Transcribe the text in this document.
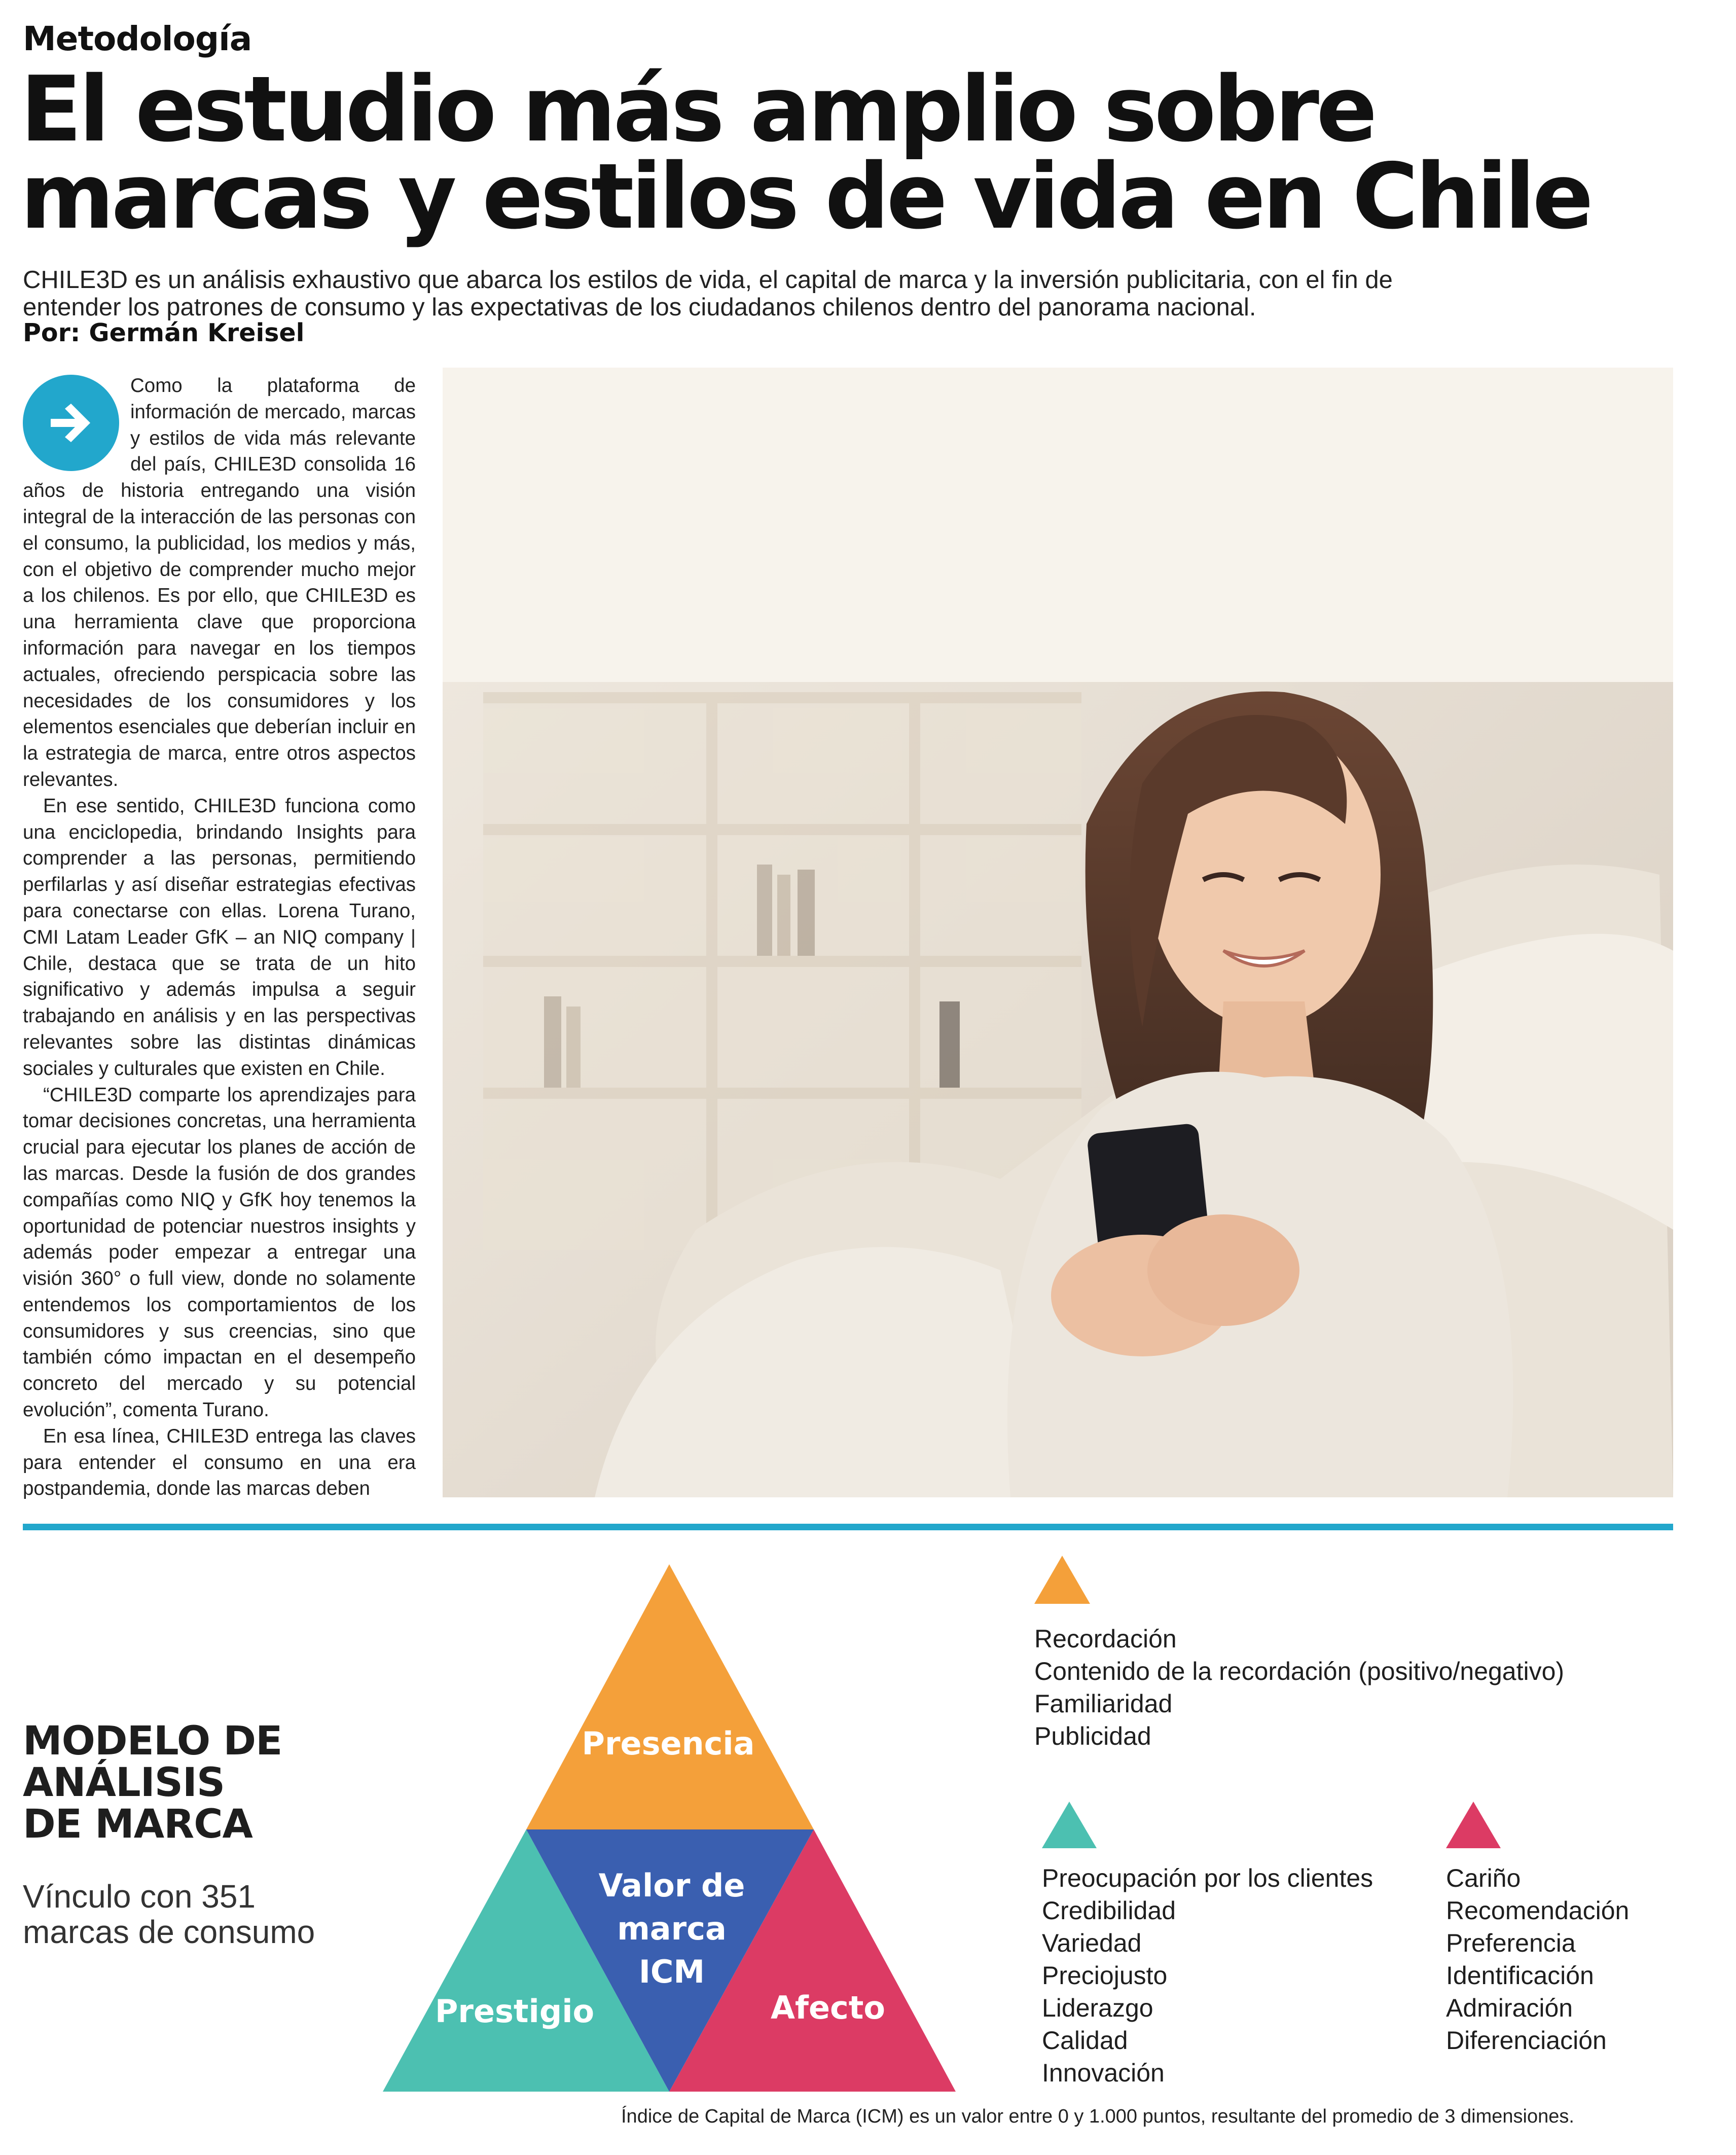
Metodología
El estudio más amplio sobre
marcas y estilos de vida en Chile

CHILE3D es un análisis exhaustivo que abarca los estilos de vida, el capital de marca y la inversión publicitaria, con el fin de entender los patrones de consumo y las expectativas de los ciudadanos chilenos dentro del panorama nacional.

Por: Germán Kreisel

Como la plataforma de información de mercado, marcas y estilos de vida más relevante del país, CHILE3D consolida 16 años de historia entregando una visión integral de la interacción de las personas con el consumo, la publicidad, los medios y más, con el objetivo de comprender mucho mejor a los chilenos. Es por ello, que CHILE3D es una herramienta clave que proporciona información para navegar en los tiempos actuales, ofreciendo perspicacia sobre las necesidades de los consumidores y los elementos esenciales que deberían incluir en la estrategia de marca, entre otros aspectos relevantes.

En ese sentido, CHILE3D funciona como una enciclopedia, brindando Insights para comprender a las personas, permitiendo perfilarlas y así diseñar estrategias efectivas para conectarse con ellas. Lorena Turano, CMI Latam Leader GfK – an NIQ company | Chile, destaca que se trata de un hito significativo y además impulsa a seguir trabajando en análisis y en las perspectivas relevantes sobre las distintas dinámicas sociales y culturales que existen en Chile.

“CHILE3D comparte los aprendizajes para tomar decisiones concretas, una herramienta crucial para ejecutar los planes de acción de las marcas. Desde la fusión de dos grandes compañías como NIQ y GfK hoy tenemos la oportunidad de potenciar nuestros insights y además poder empezar a entregar una visión 360° o full view, donde no solamente entendemos los comportamientos de los consumidores y sus creencias, sino que también cómo impactan en el desempeño concreto del mercado y su potencial evolución”, comenta Turano.

En esa línea, CHILE3D entrega las claves para entender el consumo en una era postpandemia, donde las marcas deben

MODELO DE
ANÁLISIS
DE MARCA
Vínculo con 351
marcas de consumo
Presencia
Valor de
marca
ICM
Prestigio	Afecto
Recordación
Contenido de la recordación (positivo/negativo)
Familiaridad
Publicidad
Preocupación por los clientes
Credibilidad
Variedad
Preciojusto
Liderazgo
Calidad
Innovación
Cariño
Recomendación
Preferencia
Identificación
Admiración
Diferenciación
Índice de Capital de Marca (ICM) es un valor entre 0 y 1.000 puntos, resultante del promedio de 3 dimensiones.
